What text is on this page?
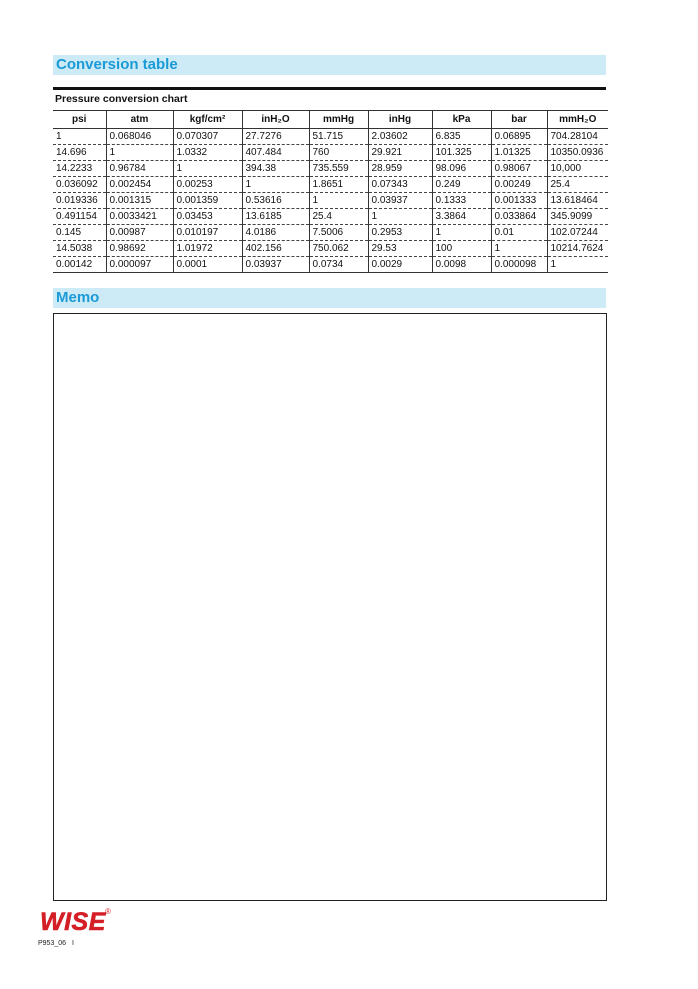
Conversion table
Pressure conversion chart
psi	atm	kgf/cm²	inH₂O	mmHg	inHg	kPa	bar	mmH₂O
1	0.068046	0.070307	27.7276	51.715	2.03602	6.835	0.06895	704.28104
14.696	1	1.0332	407.484	760	29.921	101.325	1.01325	10350.0936
14.2233	0.96784	1	394.38	735.559	28.959	98.096	0.98067	10,000
0.036092	0.002454	0.00253	1	1.8651	0.07343	0.249	0.00249	25.4
0.019336	0.001315	0.001359	0.53616	1	0.03937	0.1333	0.001333	13.618464
0.491154	0.0033421	0.03453	13.6185	25.4	1	3.3864	0.033864	345.9099
0.145	0.00987	0.010197	4.0186	7.5006	0.2953	1	0.01	102.07244
14.5038	0.98692	1.01972	402.156	750.062	29.53	100	1	10214.7624
0.00142	0.000097	0.0001	0.03937	0.0734	0.0029	0.0098	0.000098	1
Memo
WISE ®
P953_06 I
